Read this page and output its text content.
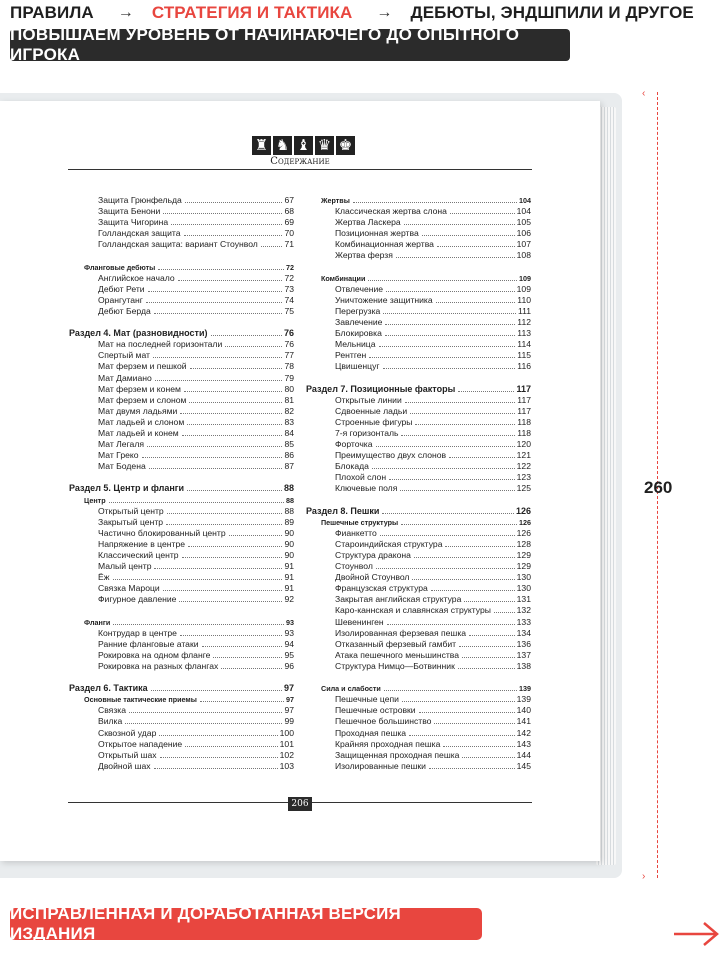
ПРАВИЛА → СТРАТЕГИЯ И ТАКТИКА → ДЕБЮТЫ, ЭНДШПИЛИ И ДРУГОЕ
ПОВЫШАЕМ УРОВЕНЬ ОТ НАЧИНАЮЧЕГО ДО ОПЫТНОГО ИГРОКА
♜ ♞ ♝ ♛ ♚
Содержание
Защита Грюнфельда	67
Защита Бенони	68
Защита Чигорина	69
Голландская защита	70
Голландская защита: вариант Стоунвол	71
Фланговые дебюты	72
Английское начало	72
Дебют Рети	73
Орангутанг	74
Дебют Берда	75
Раздел 4. Мат (разновидности)	76
Мат на последней горизонтали	76
Спертый мат	77
Мат ферзем и пешкой	78
Мат Дамиано	79
Мат ферзем и конем	80
Мат ферзем и слоном	81
Мат двумя ладьями	82
Мат ладьей и слоном	83
Мат ладьей и конем	84
Мат Легаля	85
Мат Греко	86
Мат Бодена	87
Раздел 5. Центр и фланги	88
Центр	88
Открытый центр	88
Закрытый центр	89
Частично блокированный центр	90
Напряжение в центре	90
Классический центр	90
Малый центр	91
Ёж	91
Связка Мароци	91
Фигурное давление	92
Фланги	93
Контрудар в центре	93
Ранние фланговые атаки	94
Рокировка на одном фланге	95
Рокировка на разных флангах	96
Раздел 6. Тактика	97
Основные тактические приемы	97
Связка	97
Вилка	99
Сквозной удар	100
Открытое нападение	101
Открытый шах	102
Двойной шах	103
Жертвы	104
Классическая жертва слона	104
Жертва Ласкера	105
Позиционная жертва	106
Комбинационная жертва	107
Жертва ферзя	108
Комбинации	109
Отвлечение	109
Уничтожение защитника	110
Перегрузка	111
Завлечение	112
Блокировка	113
Мельница	114
Рентген	115
Цвишенцуг	116
Раздел 7. Позиционные факторы	117
Открытые линии	117
Сдвоенные ладьи	117
Строенные фигуры	118
7-я горизонталь	118
Форточка	120
Преимущество двух слонов	121
Блокада	122
Плохой слон	123
Ключевые поля	125
Раздел 8. Пешки	126
Пешечные структуры	126
Фианкетто	126
Староиндийская структура	128
Структура дракона	129
Стоунвол	129
Двойной Стоунвол	130
Французская структура	130
Закрытая английская структура	131
Каро-каннская и славянская структуры	132
Шевенинген	133
Изолированная ферзевая пешка	134
Отказанный ферзевый гамбит	136
Атака пешечного меньшинства	137
Структура Нимцо—Ботвинник	138
Сила и слабости	139
Пешечные цепи	139
Пешечные островки	140
Пешечное большинство	141
Проходная пешка	142
Крайняя проходная пешка	143
Защищенная проходная пешка	144
Изолированные пешки	145
206
‹
›
260
ИСПРАВЛЕННАЯ И ДОРАБОТАННАЯ ВЕРСИЯ ИЗДАНИЯ
